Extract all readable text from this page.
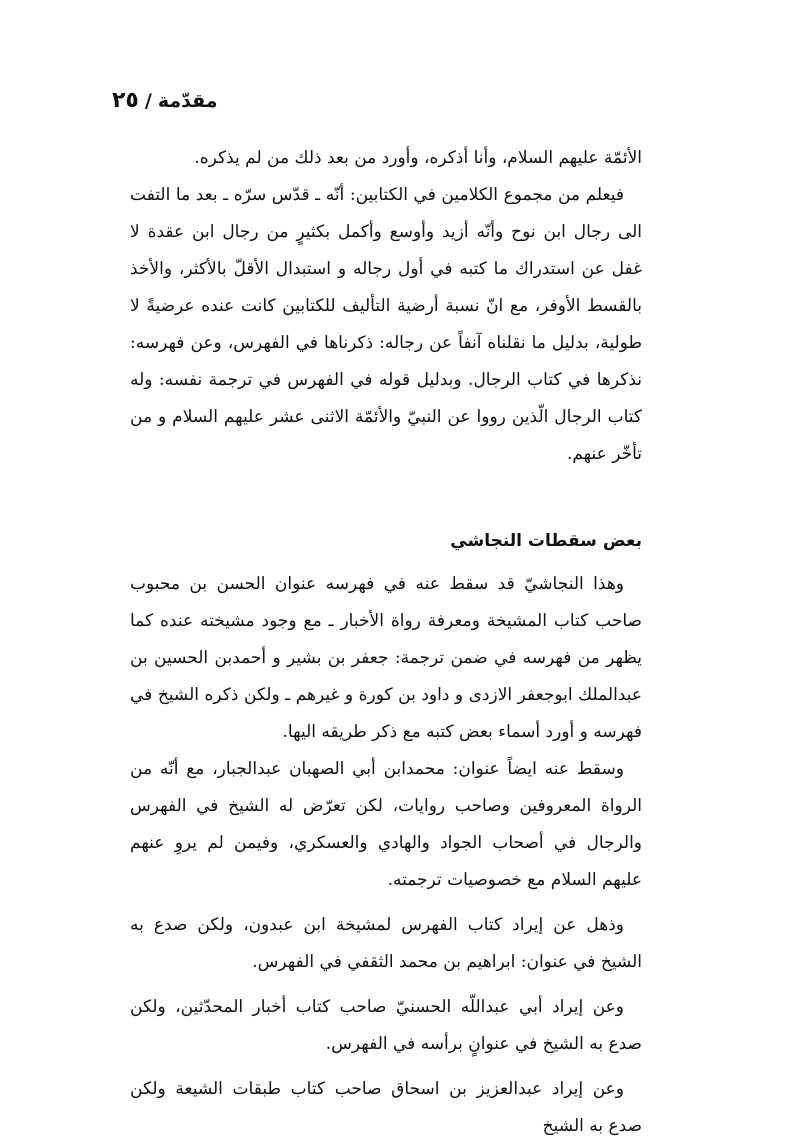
مقدّمة
/
٢٥

الأئمّة عليهم السلام، وأنا أذكره، وأورد من بعد ذلك من لم يذكره.

فيعلم من مجموع الكلامين في الكتابين: أنّه ـ قدّس سرّه ـ بعد ما التفت الى رجال ابن نوح وأنّه أزيد وأوسع وأكمل بكثيرٍ من رجال ابن عقدة لا غفل عن استدراك ما كتبه في أول رجاله و استبدال الأقلّ بالأكثر، والأخذ بالقسط الأوفر، مع انّ نسبة أرضية التأليف للكتابين كانت عنده عرضيةً لا طولية، بدليل ما نقلناه آنفاً عن رجاله: ذكرناها في الفهرس، وعن فهرسه: نذكرها في كتاب الرجال. وبدليل قوله في الفهرس في ترجمة نفسه: وله كتاب الرجال الّذين رووا عن النبيّ والأئمّة الاثنى عشر عليهم السلام و من تأخّر عنهم.

بعض سقطات النجاشي

وهذا النجاشيّ قد سقط عنه في فهرسه عنوان الحسن بن محبوب صاحب كتاب المشيخة ومعرفة رواة الأخبار ـ مع وجود مشيخته عنده كما يظهر من فهرسه في ضمن ترجمة: جعفر بن بشير و أحمدبن الحسين بن عبدالملك ابوجعفر الازدى و داود بن كورة و غيرهم ـ ولكن ذكره الشيخ في فهرسه و أورد أسماء بعض كتبه مع ذكر طريقه اليها.

وسقط عنه ايضاً عنوان: محمدابن أبي الصهبان عبدالجبار، مع أنّه من الرواة المعروفين وصاحب روايات، لكن تعرّض له الشيخ في الفهرس والرجال في أصحاب الجواد والهادي والعسكري، وفيمن لم يروِ عنهم عليهم السلام مع خصوصيات ترجمته.

وذهل عن إيراد كتاب الفهرس لمشيخة ابن عبدون، ولكن صدع به الشيخ في عنوان: ابراهيم بن محمد الثقفي في الفهرس.

وعن إيراد أبي عبداللّه الحسنيّ صاحب كتاب أخبار المحدّثين، ولكن صدع به الشيخ في عنوانٍ برأسه في الفهرس.

وعن إيراد عبدالعزيز بن اسحاق صاحب كتاب طبقات الشيعة ولكن صدع به الشيخ
